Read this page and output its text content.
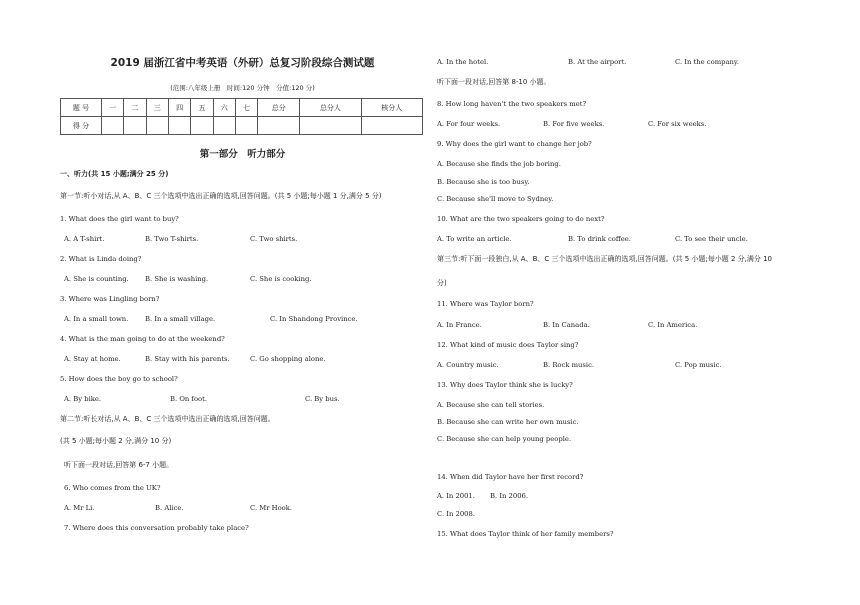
2019 届浙江省中考英语（外研）总复习阶段综合测试题
(范围:八年级上册　时间:120 分钟　分值:120 分)
题 号	一	二	三	四	五	六	七	总分	总分人	核分人
得 分										
第一部分　听力部分
一、听力(共 15 小题;满分 25 分)
第一节:听小对话,从 A、B、C 三个选项中选出正确的选项,回答问题。(共 5 小题;每小题 1 分,满分 5 分)
1. What does the girl want to buy?
A. A T-shirt.	B. Two T-shirts.	C. Two shirts.
2. What is Linda doing?
A. She is counting. B. She is washing.	C. She is cooking.
3. Where was Lingling born?
A. In a small town. B. In a small village.	C. In Shandong Province.
4. What is the man going to do at the weekend?
A. Stay at home.	B. Stay with his parents.	C. Go shopping alone.
5. How does the boy go to school?
A. By bike.	B. On foot.	C. By bus.
第二节:听长对话,从 A、B、C 三个选项中选出正确的选项,回答问题。
(共 5 小题;每小题 2 分,满分 10 分)
听下面一段对话,回答第 6-7 小题。
6. Who comes from the UK?
A. Mr Li.	B. Alice.	C. Mr Hook.
7. Where does this conversation probably take place?
A. In the hotel.	B. At the airport.	C. In the company.
听下面一段对话,回答第 8-10 小题。
8. How long haven't the two speakers met?
A. For four weeks.	B. For five weeks.	C. For six weeks.
9. Why does the girl want to change her job?
A. Because she finds the job boring.
B. Because she is too busy.
C. Because she'll move to Sydney.
10. What are the two speakers going to do next?
A. To write an article.	B. To drink coffee.	C. To see their uncle.
第三节:听下面一段独白,从 A、B、C 三个选项中选出正确的选项,回答问题。(共 5 小题;每小题 2 分,满分 10
分)
11. Where was Taylor born?
A. In France.	B. In Canada.	C. In America.
12. What kind of music does Taylor sing?
A. Country music.	B. Rock music.	C. Pop music.
13. Why does Taylor think she is lucky?
A. Because she can tell stories.
B. Because she can write her own music.
C. Because she can help young people.
14. When did Taylor have her first record?
A. In 2001. B. In 2006.
C. In 2008.
15. What does Taylor think of her family members?
